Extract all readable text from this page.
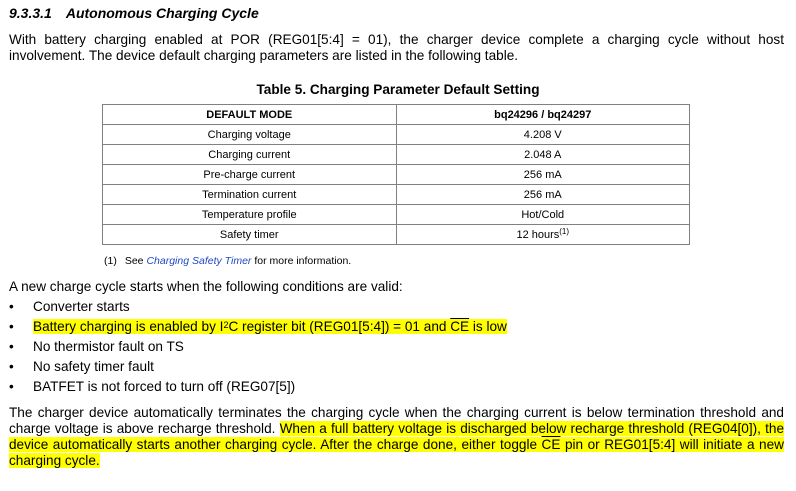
9.3.3.1 Autonomous Charging Cycle
With battery charging enabled at POR (REG01[5:4] = 01), the charger device complete a charging cycle without host involvement. The device default charging parameters are listed in the following table.
Table 5. Charging Parameter Default Setting
DEFAULT MODE	bq24296 / bq24297
Charging voltage	4.208 V
Charging current	2.048 A
Pre-charge current	256 mA
Termination current	256 mA
Temperature profile	Hot/Cold
Safety timer	12 hours$^{(1)}$
(1) See Charging Safety Timer for more information.
A new charge cycle starts when the following conditions are valid:
• Converter starts
• Battery charging is enabled by $I^2C$ register bit (REG01[5:4]) = 01 and $\overline{CE}$ is low
• No thermistor fault on TS
• No safety timer fault
• BATFET is not forced to turn off (REG07[5])
The charger device automatically terminates the charging cycle when the charging current is below termination threshold and charge voltage is above recharge threshold. When a full battery voltage is discharged below recharge threshold (REG04[0]), the device automatically starts another charging cycle. After the charge done, either toggle $\overline{CE}$ pin or REG01[5:4] will initiate a new charging cycle.
